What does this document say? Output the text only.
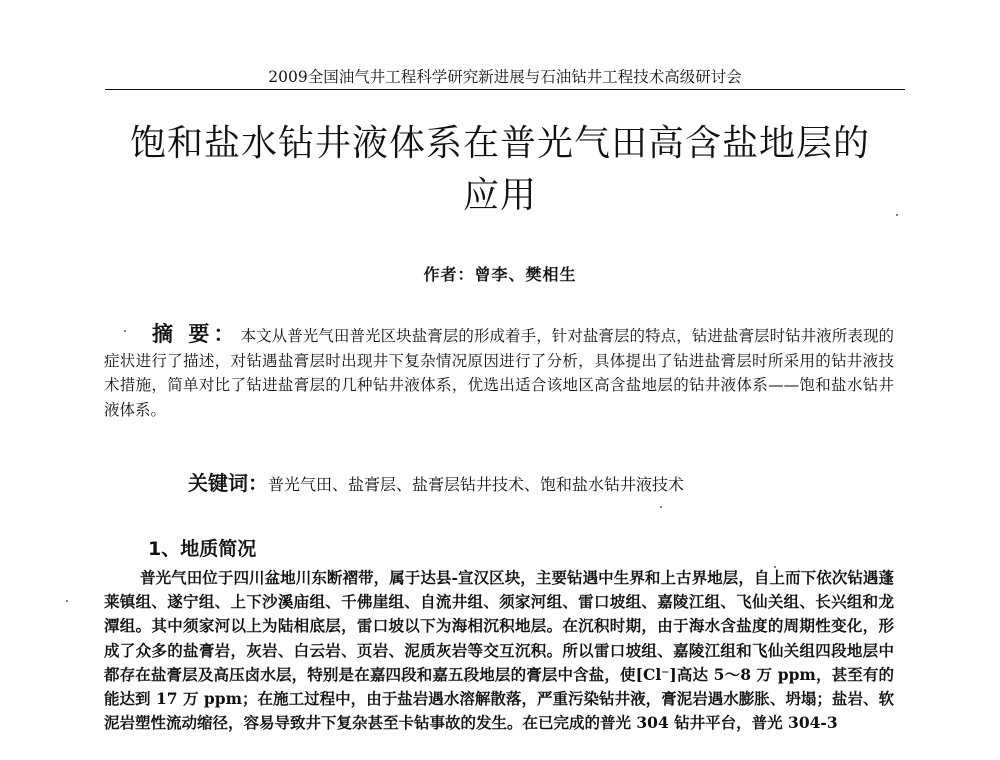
2009全国油气井工程科学研究新进展与石油钻井工程技术高级研讨会
饱和盐水钻井液体系在普光气田高含盐地层的
应用
作者：曾李、樊相生
摘 要： 本文从普光气田普光区块盐膏层的形成着手，针对盐膏层的特点，钻进盐膏层时钻井液所表现的症状进行了描述，对钻遇盐膏层时出现井下复杂情况原因进行了分析，具体提出了钻进盐膏层时所采用的钻井液技术措施，简单对比了钻进盐膏层的几种钻井液体系，优选出适合该地区高含盐地层的钻井液体系——饱和盐水钻井液体系。
关键词：普光气田、盐膏层、盐膏层钻井技术、饱和盐水钻井液技术
1、地质简况
普光气田位于四川盆地川东断褶带，属于达县-宣汉区块，主要钻遇中生界和上古界地层，自上而下依次钻遇蓬莱镇组、遂宁组、上下沙溪庙组、千佛崖组、自流井组、须家河组、雷口坡组、嘉陵江组、飞仙关组、长兴组和龙潭组。其中须家河以上为陆相底层，雷口坡以下为海相沉积地层。在沉积时期，由于海水含盐度的周期性变化，形成了众多的盐膏岩，灰岩、白云岩、页岩、泥质灰岩等交互沉积。所以雷口坡组、嘉陵江组和飞仙关组四段地层中都存在盐膏层及高压卤水层，特别是在嘉四段和嘉五段地层的膏层中含盐，使[Cl⁻]高达 5～8 万 ppm，甚至有的能达到 17 万 ppm；在施工过程中，由于盐岩遇水溶解散落，严重污染钻井液，膏泥岩遇水膨胀、坍塌；盐岩、软泥岩塑性流动缩径，容易导致井下复杂甚至卡钻事故的发生。在已完成的普光 304 钻井平台，普光 304-3
